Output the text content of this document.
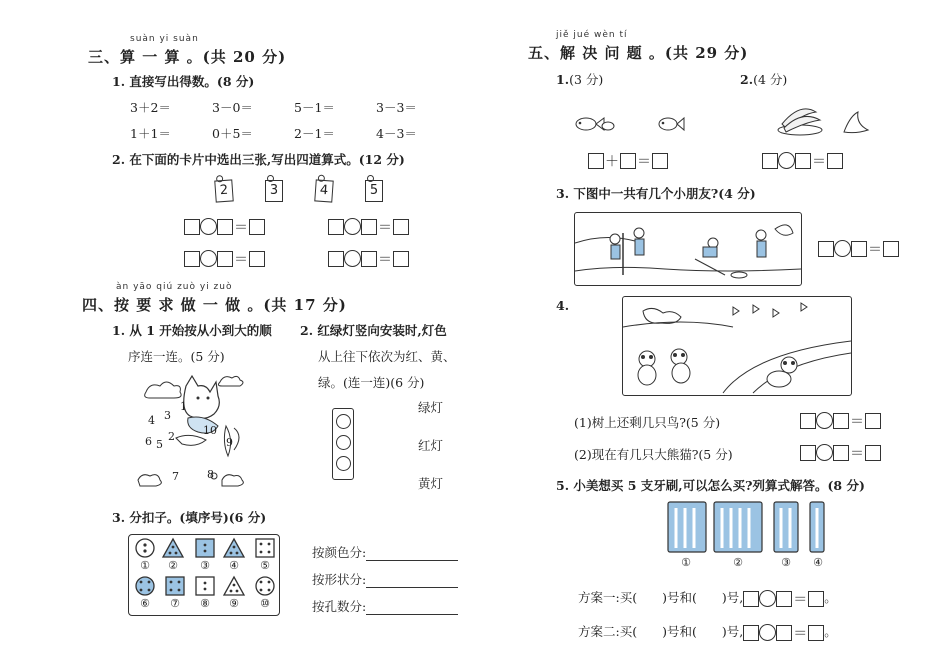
suàn yi suàn
三、算 一 算 。(共 20 分)
1. 直接写出得数。(8 分)
3＋2＝	3－0＝	5－1＝	3－3＝
1＋1＝	0＋5＝	2－1＝	4－3＝
2. 在下面的卡片中选出三张,写出四道算式。(12 分)
2	3	4	5
＝	＝
＝	＝
àn yāo qiú zuò yi zuò
四、按 要 求 做 一 做 。(共 17 分)
1. 从 1 开始按从小到大的顺
序连一连。(5 分)
4 3
1
2
6 5
10
9
8
7
2. 红绿灯竖向安装时,灯色
从上往下依次为红、黄、
绿。(连一连)(6 分)
绿灯
红灯
黄灯
3. 分扣子。(填序号)(6 分)
① ② ③ ④ ⑤
⑥ ⑦ ⑧ ⑨ ⑩
按颜色分:
按形状分:
按孔数分:
jiě jué wèn tí
五、解 决 问 题 。(共 29 分)
1.(3 分)	2.(4 分)
＋ ＝	＝
3. 下图中一共有几个小朋友?(4 分)
＝
4.
(1)树上还剩几只鸟?(5 分)	＝
(2)现在有几只大熊猫?(5 分)	＝
5. 小美想买 5 支牙刷,可以怎么买?列算式解答。(8 分)
①	②	③ ④
方案一:买(　　)号和(　　)号,	＝ 。
方案二:买(　　)号和(　　)号,	＝ 。
